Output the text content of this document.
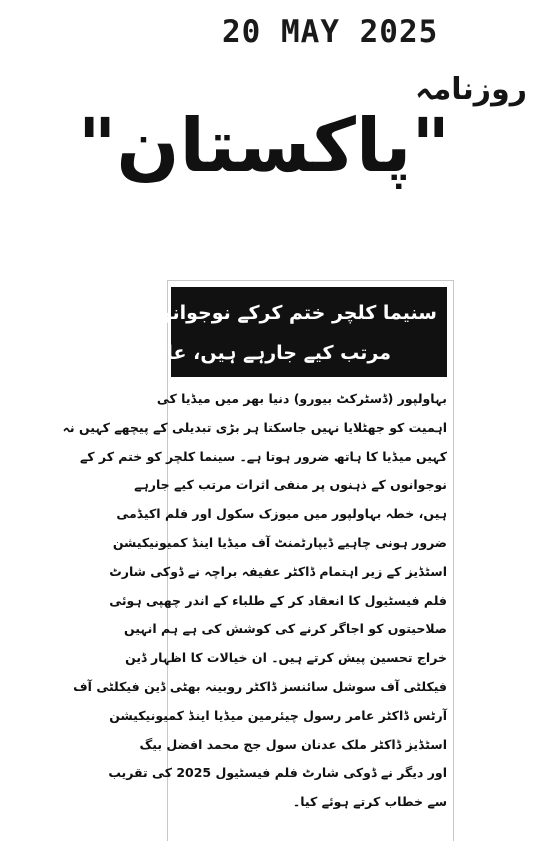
20 MAY 2025
روزنامہ
"پاکستان"
سنیما کلچر ختم کرکے نوجوانوں پر منفی اثرات
مرتب کیے جارہے ہیں، عامر رسول
بہاولپور (ڈسٹرکٹ بیورو) دنیا بھر میں میڈیا کی
اہمیت کو جھٹلایا نہیں جاسکتا ہر بڑی تبدیلی کے پیچھے کہیں نہ
کہیں میڈیا کا ہاتھ ضرور ہوتا ہے۔ سینما کلچر کو ختم کر کے
نوجوانوں کے ذہنوں پر منفی اثرات مرتب کیے جارہے
ہیں، خطہ بہاولپور میں میوزک سکول اور فلم اکیڈمی
ضرور ہونی چاہیے ڈیپارٹمنٹ آف میڈیا اینڈ کمیونیکیشن
اسٹڈیز کے زیر اہتمام ڈاکٹر عفیفہ براچہ نے ڈوکی شارٹ
فلم فیسٹیول کا انعقاد کر کے طلباء کے اندر چھپی ہوئی
صلاحیتوں کو اجاگر کرنے کی کوشش کی ہے ہم انہیں
خراج تحسین پیش کرتے ہیں۔ ان خیالات کا اظہار ڈین
فیکلٹی آف سوشل سائنسز ڈاکٹر روبینہ بھٹی ڈین فیکلٹی آف
آرٹس ڈاکٹر عامر رسول چیئرمین میڈیا اینڈ کمیونیکیشن
اسٹڈیز ڈاکٹر ملک عدنان سول جج محمد افضل بیگ
اور دیگر نے ڈوکی شارٹ فلم فیسٹیول 2025 کی تقریب
سے خطاب کرتے ہوئے کیا۔
